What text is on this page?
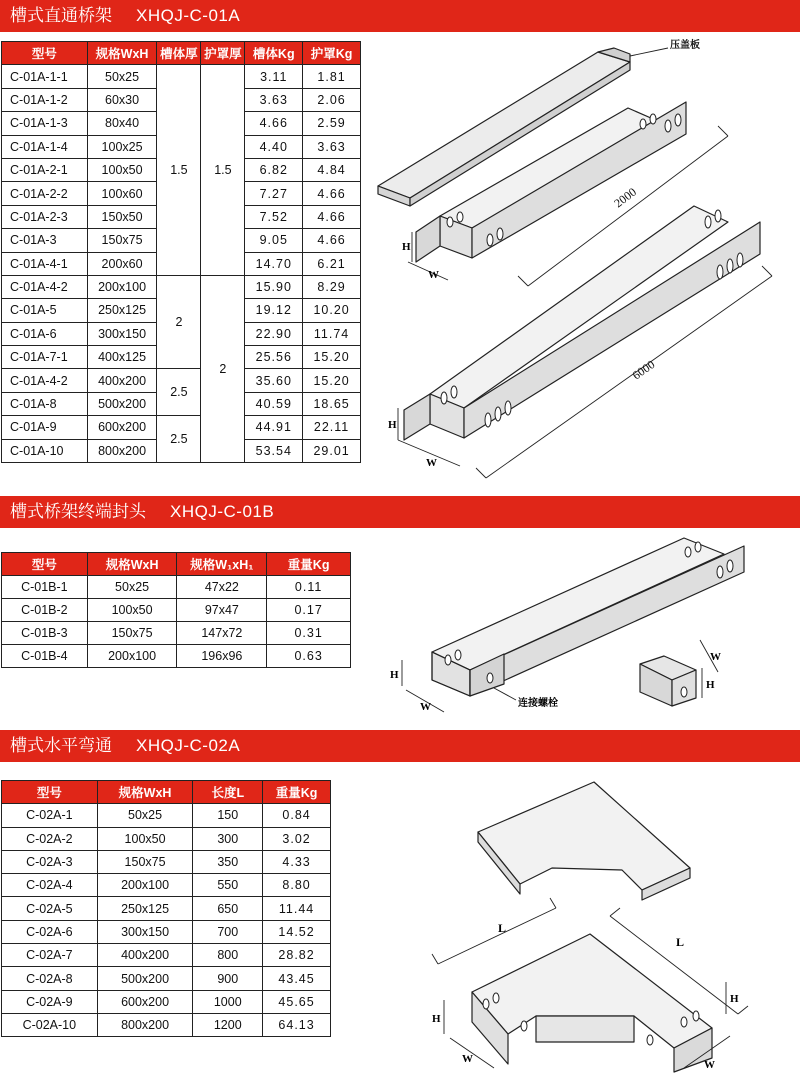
槽式直通桥架 XHQJ-C-01A
槽式桥架终端封头 XHQJ-C-01B
槽式水平弯通 XHQJ-C-02A
型号	规格WxH	槽体厚	护罩厚	槽体Kg	护罩Kg
C-01A-1-1	50x25	1.5	1.5	3.11	1.81
C-01A-1-2	60x30			3.63	2.06
C-01A-1-3	80x40			4.66	2.59
C-01A-1-4	100x25			4.40	3.63
C-01A-2-1	100x50			6.82	4.84
C-01A-2-2	100x60			7.27	4.66
C-01A-2-3	150x50			7.52	4.66
C-01A-3	150x75			9.05	4.66
C-01A-4-1	200x60			14.70	6.21
C-01A-4-2	200x100	2	2	15.90	8.29
C-01A-5	250x125			19.12	10.20
C-01A-6	300x150			22.90	11.74
C-01A-7-1	400x125			25.56	15.20
C-01A-4-2	400x200	2.5		35.60	15.20
C-01A-8	500x200			40.59	18.65
C-01A-9	600x200	2.5		44.91	22.11
C-01A-10	800x200			53.54	29.01
型号	规格WxH	规格W₁xH₁	重量Kg
C-01B-1	50x25	47x22	0.11
C-01B-2	100x50	97x47	0.17
C-01B-3	150x75	147x72	0.31
C-01B-4	200x100	196x96	0.63
型号	规格WxH	长度L	重量Kg
C-02A-1	50x25	150	0.84
C-02A-2	100x50	300	3.02
C-02A-3	150x75	350	4.33
C-02A-4	200x100	550	8.80
C-02A-5	250x125	650	11.44
C-02A-6	300x150	700	14.52
C-02A-7	400x200	800	28.82
C-02A-8	500x200	900	43.45
C-02A-9	600x200	1000	45.65
C-02A-10	800x200	1200	64.13
压盖板
2000
6000
H
W
H
W
H
W	连接螺栓
W
H
L
L
H
W
H
W
